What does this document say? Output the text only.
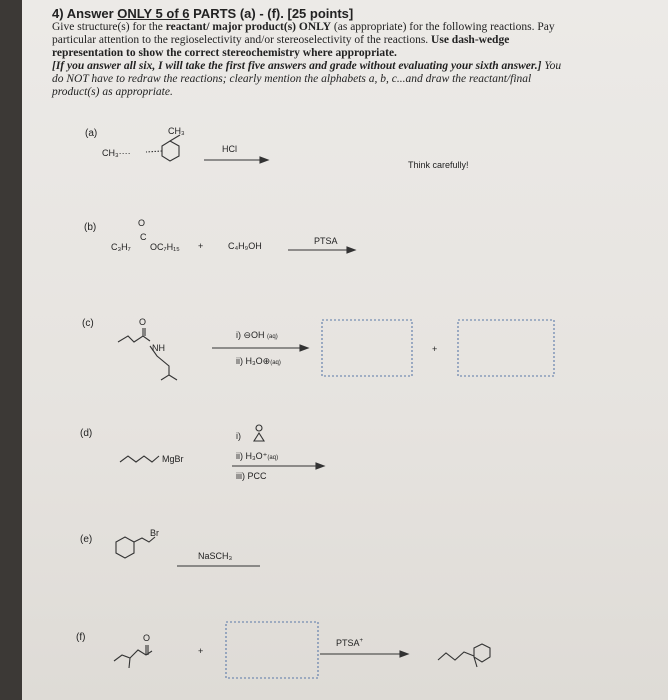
4) Answer ONLY 5 of 6 PARTS (a) - (f). [25 points]

Give structure(s) for the reactant/ major product(s) ONLY (as appropriate) for the following reactions. Pay

particular attention to the regioselectivity and/or stereoselectivity of the reactions. Use dash-wedge

representation to show the correct stereochemistry where appropriate.

[If you answer all six, I will take the first five answers and grade without evaluating your sixth answer.] You

do NOT have to redraw the reactions; clearly mention the alphabets a, b, c...and draw the reactant/final

product(s) as appropriate.

(a)
(b)
(c)
(d)
(e)
(f)
CH₃
CH₃····	HCl
Think carefully!
O
C
C₃H₇ OC₇H₁₅ +	C₄H₉OH	PTSA
O
NH
i) ⊖OH (aq)
ii) H₃O⊕(aq)
+
MgBr
i)
ii) H₃O⁺(aq)
iii) PCC
Br
NaSCH₃
O
+
PTSA+
